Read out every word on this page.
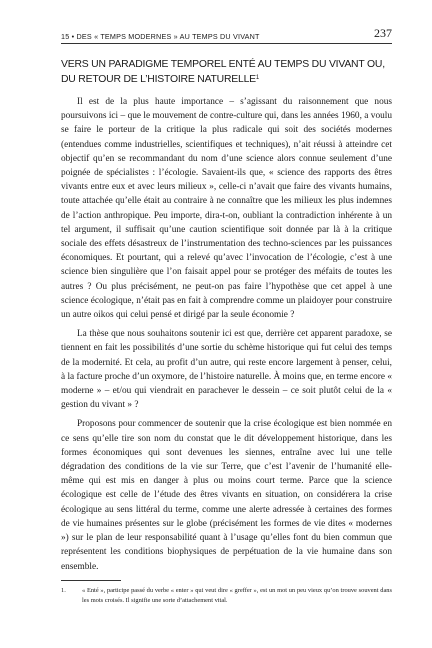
15 • DES « TEMPS MODERNES » AU TEMPS DU VIVANT	237
VERS UN PARADIGME TEMPOREL ENTÉ AU TEMPS DU VIVANT OU, DU RETOUR DE L’HISTOIRE NATURELLE$^1$

Il est de la plus haute importance – s’agissant du raisonnement que nous poursuivons ici – que le mouvement de contre-culture qui, dans les années 1960, a voulu se faire le porteur de la critique la plus radicale qui soit des sociétés modernes (entendues comme industrielles, scientifiques et techniques), n’ait réussi à atteindre cet objectif qu’en se recommandant du nom d’une science alors connue seulement d’une poignée de spécialistes : l’écologie. Savaient-ils que, « science des rapports des êtres vivants entre eux et avec leurs milieux », celle-ci n’avait que faire des vivants humains, toute attachée qu’elle était au contraire à ne connaître que les milieux les plus indemnes de l’action anthropique. Peu importe, dira-t-on, oubliant la contradiction inhérente à un tel argument, il suffisait qu’une caution scientifique soit donnée par là à la critique sociale des effets désastreux de l’instrumentation des techno-sciences par les puissances économiques. Et pourtant, qui a relevé qu’avec l’invocation de l’écologie, c’est à une science bien singulière que l’on faisait appel pour se protéger des méfaits de toutes les autres ? Ou plus précisément, ne peut-on pas faire l’hypothèse que cet appel à une science écologique, n’était pas en fait à comprendre comme un plaidoyer pour construire un autre oikos qui celui pensé et dirigé par la seule économie ?

La thèse que nous souhaitons soutenir ici est que, derrière cet apparent paradoxe, se tiennent en fait les possibilités d’une sortie du schème historique qui fut celui des temps de la modernité. Et cela, au profit d’un autre, qui reste encore largement à penser, celui, à la facture proche d’un oxymore, de l’histoire naturelle. À moins que, en terme encore « moderne » – et/ou qui viendrait en parachever le dessein – ce soit plutôt celui de la « gestion du vivant » ?

Proposons pour commencer de soutenir que la crise écologique est bien nommée en ce sens qu’elle tire son nom du constat que le dit développement historique, dans les formes économiques qui sont devenues les siennes, entraîne avec lui une telle dégradation des conditions de la vie sur Terre, que c’est l’avenir de l’humanité elle-même qui est mis en danger à plus ou moins court terme. Parce que la science écologique est celle de l’étude des êtres vivants en situation, on considérera la crise écologique au sens littéral du terme, comme une alerte adressée à certaines des formes de vie humaines présentes sur le globe (précisément les formes de vie dites « modernes ») sur le plan de leur responsabilité quant à l’usage qu’elles font du bien commun que représentent les conditions biophysiques de perpétuation de la vie humaine dans son ensemble.

1.	« Enté », participe passé du verbe « enter » qui veut dire « greffer », est un mot un peu vieux qu’on trouve souvent dans les mots croisés. Il signifie une sorte d’attachement vital.
